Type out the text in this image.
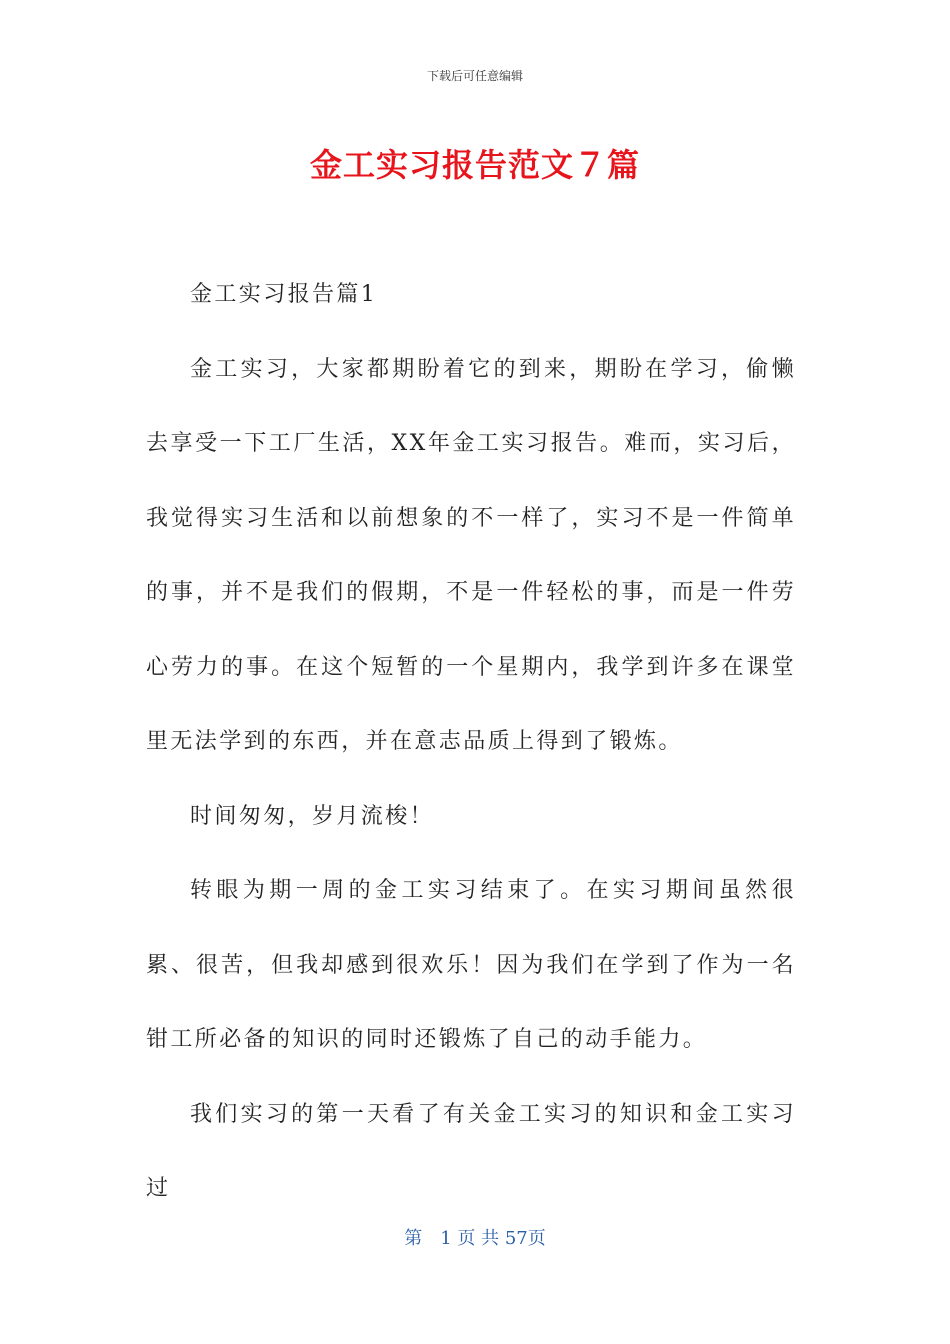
下载后可任意编辑
金工实习报告范文７篇

金工实习报告篇1

金工实习，大家都期盼着它的到来，期盼在学习，偷懒去享受一下工厂生活，XX年金工实习报告。难而，实习后，我觉得实习生活和以前想象的不一样了，实习不是一件简单的事，并不是我们的假期，不是一件轻松的事，而是一件劳心劳力的事。在这个短暂的一个星期内，我学到许多在课堂里无法学到的东西，并在意志品质上得到了锻炼。

时间匆匆，岁月流梭！

转眼为期一周的金工实习结束了。在实习期间虽然很累、很苦，但我却感到很欢乐！因为我们在学到了作为一名钳工所必备的知识的同时还锻炼了自己的动手能力。

我们实习的第一天看了有关金工实习的知识和金工实习过

第　1 页 共 57页
